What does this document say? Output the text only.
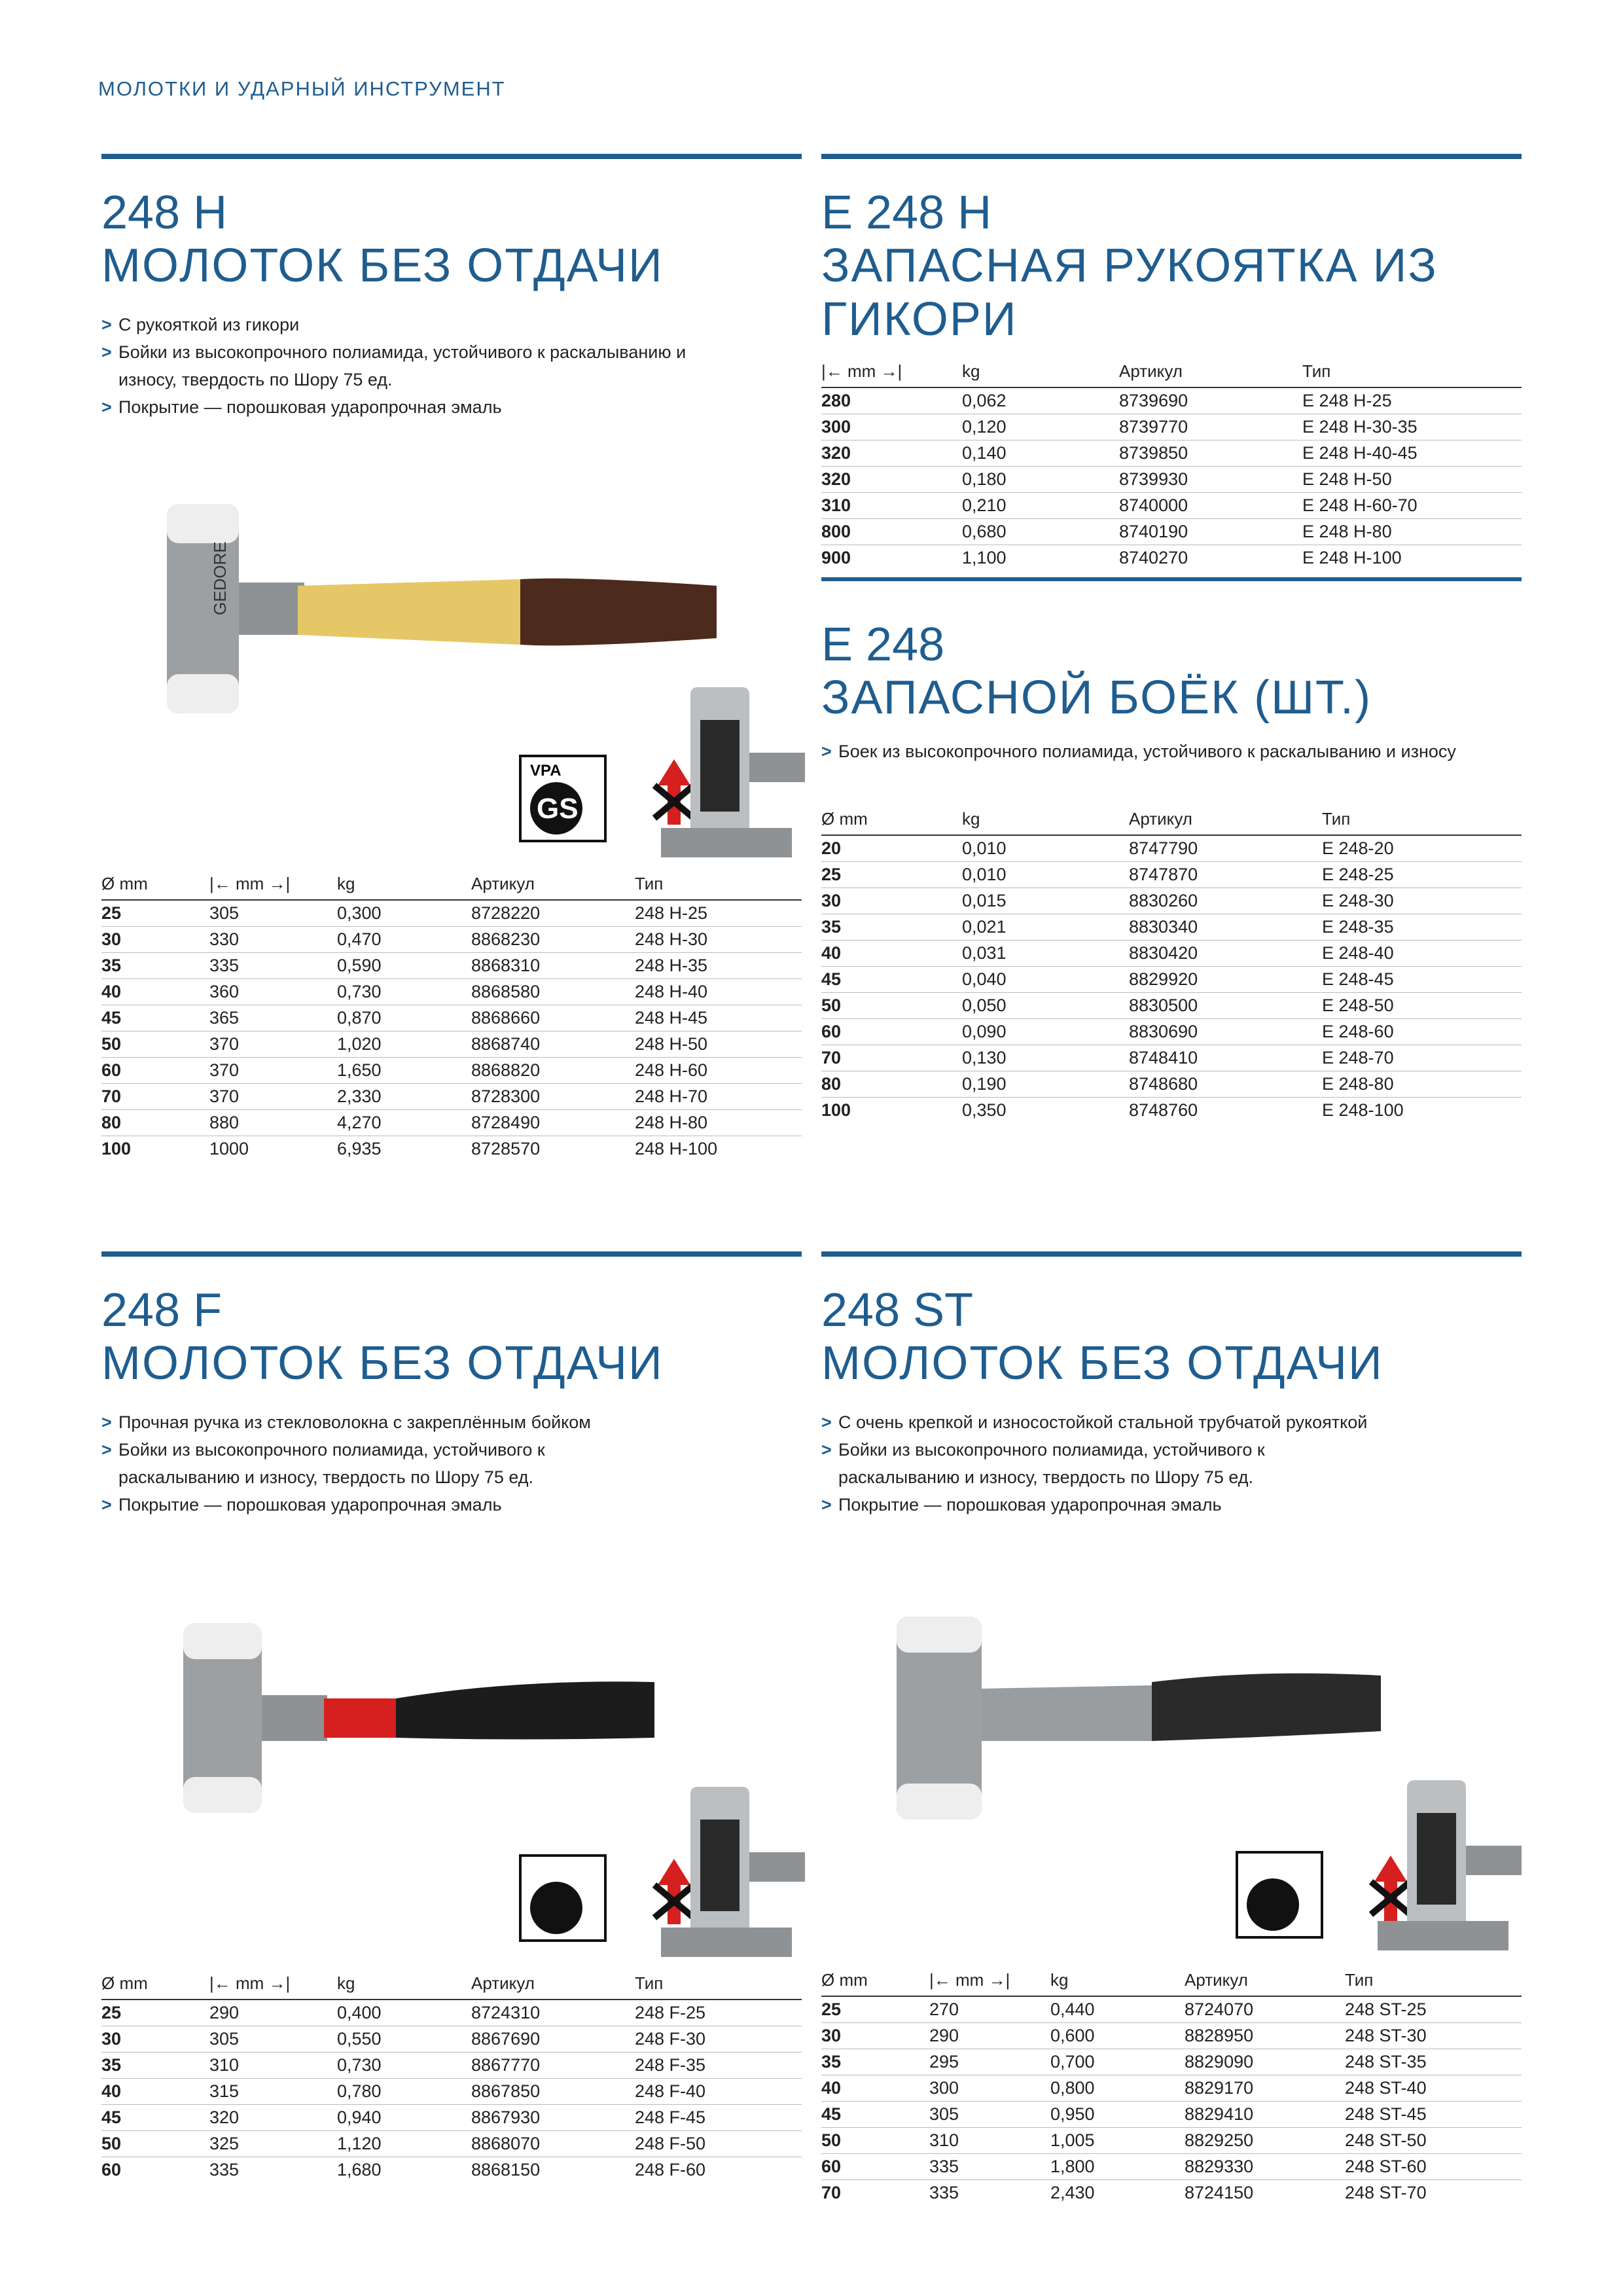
МОЛОТКИ И УДАРНЫЙ ИНСТРУМЕНТ
248 H
МОЛОТОК БЕЗ ОТДАЧИ
> С рукояткой из гикори
> Бойки из высокопрочного полиамида, устойчивого к раскалыванию и износу, твердость по Шору 75 ед.
> Покрытие — порошковая ударопрочная эмаль
GEDORE
VPA
GS
Ø mm	|← mm →|	kg	Артикул	Тип
25	305	0,300	8728220	248 H-25
30	330	0,470	8868230	248 H-30
35	335	0,590	8868310	248 H-35
40	360	0,730	8868580	248 H-40
45	365	0,870	8868660	248 H-45
50	370	1,020	8868740	248 H-50
60	370	1,650	8868820	248 H-60
70	370	2,330	8728300	248 H-70
80	880	4,270	8728490	248 H-80
100	1000	6,935	8728570	248 H-100
E 248 H
ЗАПАСНАЯ РУКОЯТКА ИЗ
ГИКОРИ
|← mm →|	kg	Артикул	Тип
280	0,062	8739690	E 248 H-25
300	0,120	8739770	E 248 H-30-35
320	0,140	8739850	E 248 H-40-45
320	0,180	8739930	E 248 H-50
310	0,210	8740000	E 248 H-60-70
800	0,680	8740190	E 248 H-80
900	1,100	8740270	E 248 H-100
E 248
ЗАПАСНОЙ БОЁК (ШТ.)
> Боек из высокопрочного полиамида, устойчивого к раскалыванию и износу
Ø mm	kg	Артикул	Тип
20	0,010	8747790	E 248-20
25	0,010	8747870	E 248-25
30	0,015	8830260	E 248-30
35	0,021	8830340	E 248-35
40	0,031	8830420	E 248-40
45	0,040	8829920	E 248-45
50	0,050	8830500	E 248-50
60	0,090	8830690	E 248-60
70	0,130	8748410	E 248-70
80	0,190	8748680	E 248-80
100	0,350	8748760	E 248-100
248 F
МОЛОТОК БЕЗ ОТДАЧИ
> Прочная ручка из стекловолокна с закреплённым бойком
> Бойки из высокопрочного полиамида, устойчивого к раскалыванию и износу, твердость по Шору 75 ед.
> Покрытие — порошковая ударопрочная эмаль
Ø mm	|← mm →|	kg	Артикул	Тип
25	290	0,400	8724310	248 F-25
30	305	0,550	8867690	248 F-30
35	310	0,730	8867770	248 F-35
40	315	0,780	8867850	248 F-40
45	320	0,940	8867930	248 F-45
50	325	1,120	8868070	248 F-50
60	335	1,680	8868150	248 F-60
248 ST
МОЛОТОК БЕЗ ОТДАЧИ
> С очень крепкой и износостойкой стальной трубчатой рукояткой
> Бойки из высокопрочного полиамида, устойчивого к раскалыванию и износу, твердость по Шору 75 ед.
> Покрытие — порошковая ударопрочная эмаль
Ø mm	|← mm →|	kg	Артикул	Тип
25	270	0,440	8724070	248 ST-25
30	290	0,600	8828950	248 ST-30
35	295	0,700	8829090	248 ST-35
40	300	0,800	8829170	248 ST-40
45	305	0,950	8829410	248 ST-45
50	310	1,005	8829250	248 ST-50
60	335	1,800	8829330	248 ST-60
70	335	2,430	8724150	248 ST-70
